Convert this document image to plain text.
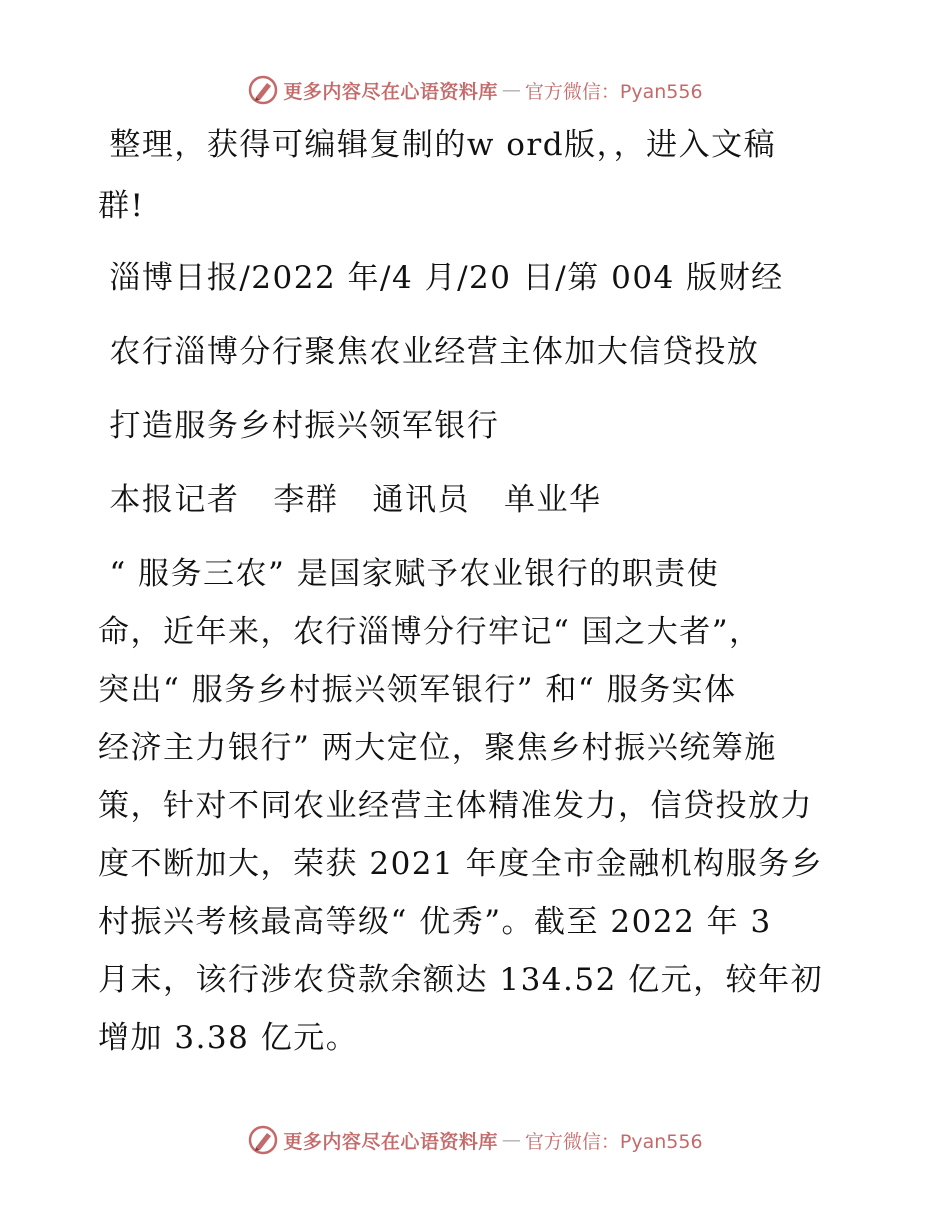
更多内容尽在心语资料库 — 官方微信：Pyan556
整理，获得可编辑复制的w ord版，，进入文稿
群!
淄博日报/2022 年/4 月/20 日/第 004 版财经
农行淄博分行聚焦农业经营主体加大信贷投放
打造服务乡村振兴领军银行
本报记者   李群   通讯员   单业华
“ 服务三农” 是国家赋予农业银行的职责使
命，近年来，农行淄博分行牢记“ 国之大者”，
突出“ 服务乡村振兴领军银行” 和“ 服务实体
经济主力银行” 两大定位，聚焦乡村振兴统筹施
策，针对不同农业经营主体精准发力，信贷投放力
度不断加大，荣获 2021 年度全市金融机构服务乡
村振兴考核最高等级“ 优秀”。截至 2022 年 3
月末，该行涉农贷款余额达 134.52 亿元，较年初
增加 3.38 亿元。
更多内容尽在心语资料库 — 官方微信：Pyan556
